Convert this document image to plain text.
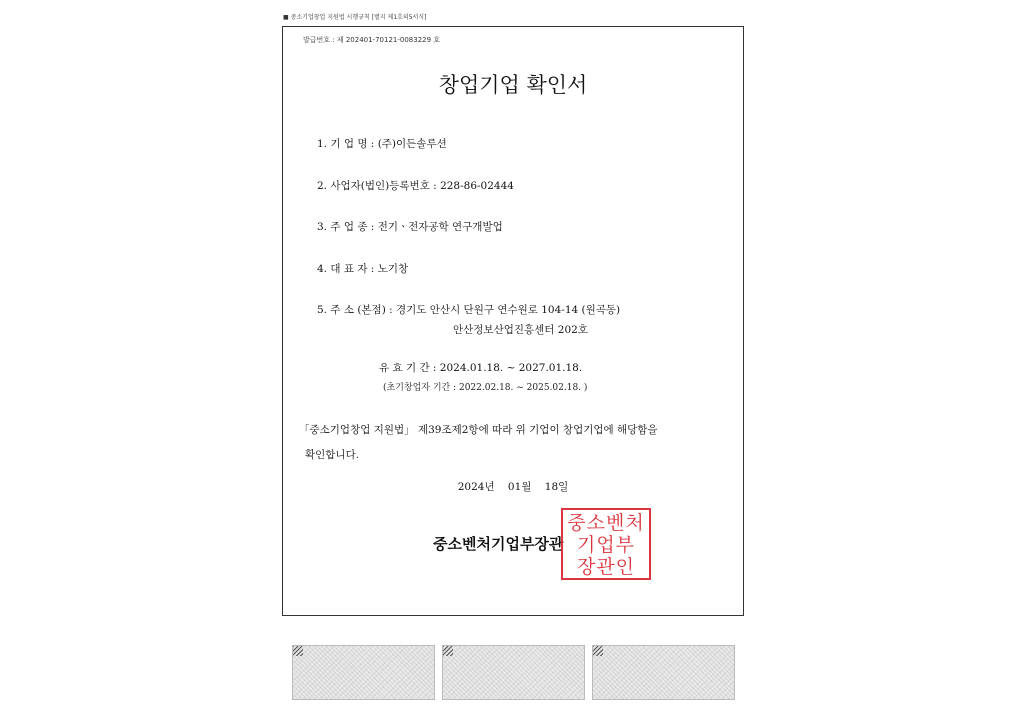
■ 중소기업창업 지원법 시행규칙 [별지 제1호의5서식]
발급번호 : 제 202401-70121-0083229 호
창업기업 확인서
1. 기 업 명 : (주)이든솔루션
2. 사업자(법인)등록번호 : 228-86-02444
3. 주 업 종 : 전기ㆍ전자공학 연구개발업
4. 대 표 자 : 노기창
5. 주 소 (본점) : 경기도 안산시 단원구 연수원로 104-14 (원곡동)
안산정보산업진흥센터 202호
유 효 기 간 : 2024.01.18. ~ 2027.01.18.
(초기창업자 기간 : 2022.02.18. ~ 2025.02.18. )
「중소기업창업 지원법」 제39조제2항에 따라 위 기업이 창업기업에 해당함을
확인합니다.
2024년 01월 18일
중소벤처기업부장관
중소벤처
기업부
장관인
